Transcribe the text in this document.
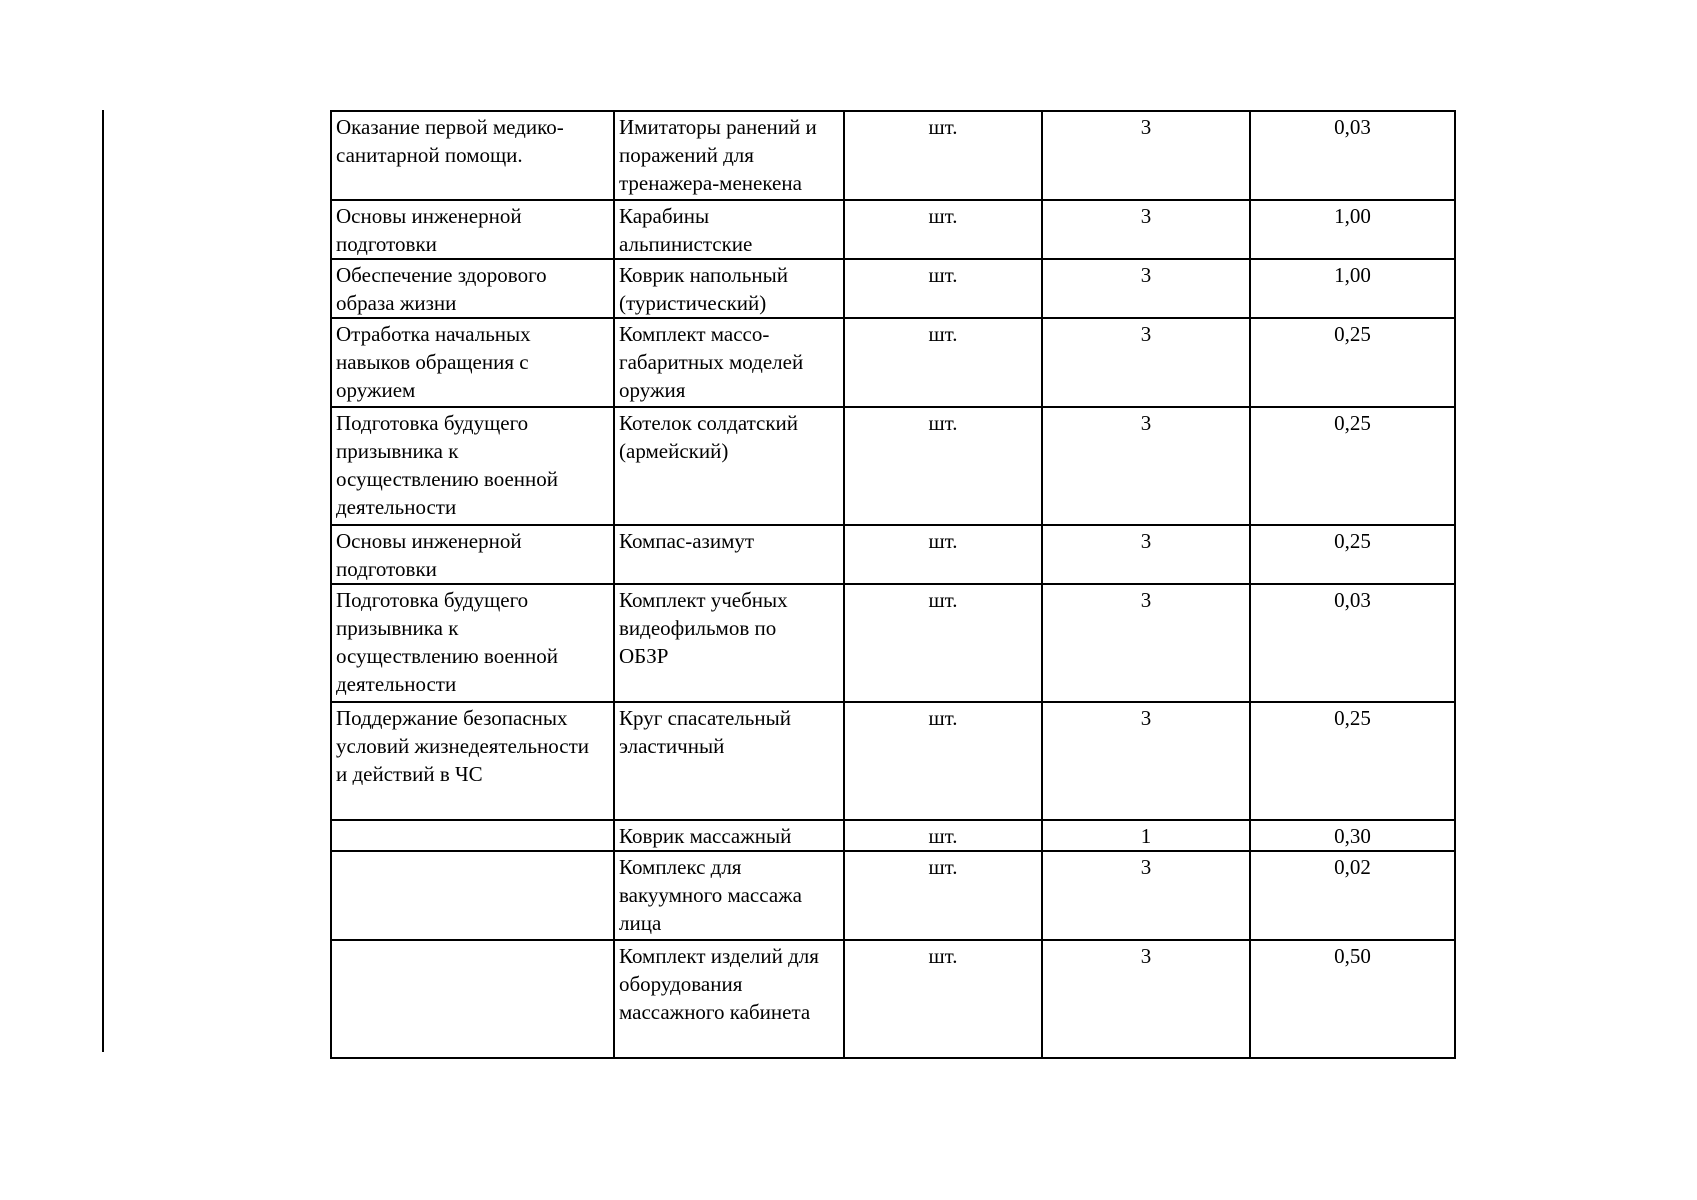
Оказание первой медико-
санитарной помощи.	Имитаторы ранений и
поражений для
тренажера-менекена	шт.	3	0,03

Основы инженерной
подготовки	Карабины
альпинистские	шт.	3	1,00

Обеспечение здорового
образа жизни	Коврик напольный
(туристический)	шт.	3	1,00

Отработка начальных
навыков обращения с
оружием	Комплект массо-
габаритных моделей
оружия	шт.	3	0,25

Подготовка будущего
призывника к
осуществлению военной
деятельности	Котелок солдатский
(армейский)	шт.	3	0,25

Основы инженерной
подготовки	Компас-азимут	шт.	3	0,25

Подготовка будущего
призывника к
осуществлению военной
деятельности	Комплект учебных
видеофильмов по
ОБЗР	шт.	3	0,03

Поддержание безопасных
условий жизнедеятельности
и действий в ЧС	Круг спасательный
эластичный	шт.	3	0,25

	Коврик массажный	шт.	1	0,30

	Комплекс для
вакуумного массажа
лица	шт.	3	0,02

	Комплект изделий для
оборудования
массажного кабинета	шт.	3	0,50
